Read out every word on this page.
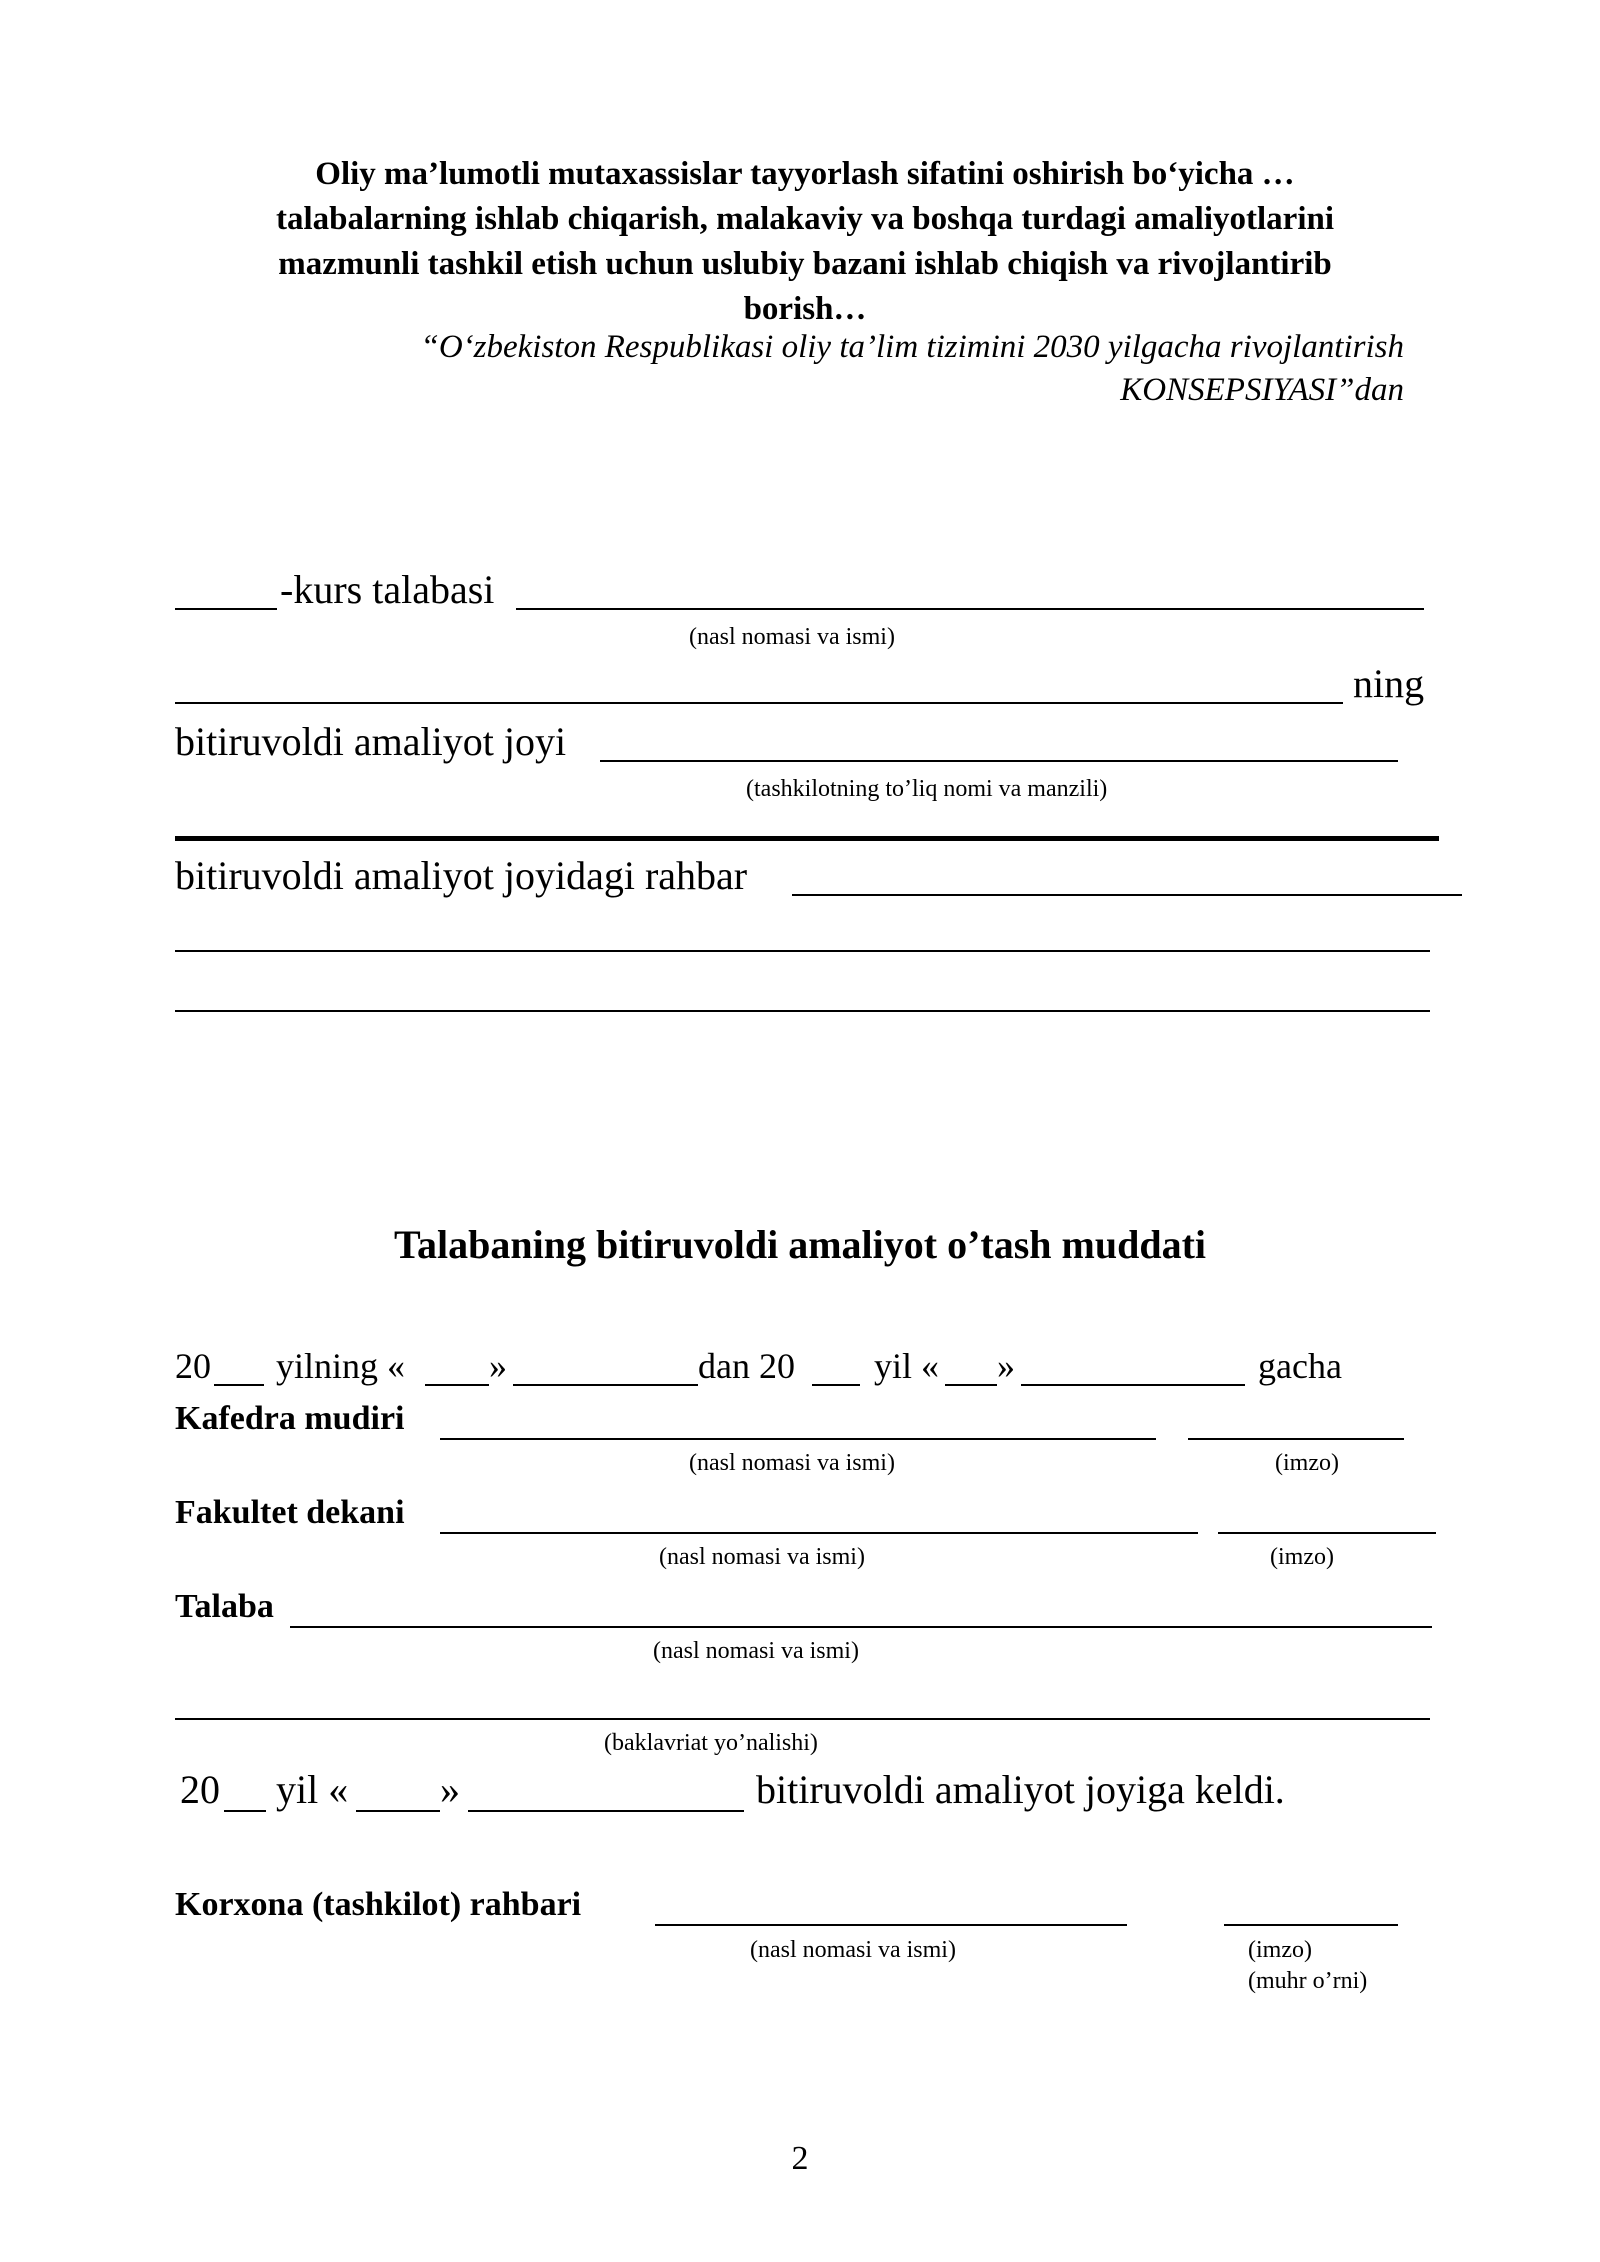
Oliy ma’lumotli mutaxassislar tayyorlash sifatini oshirish bo‘yicha …
talabalarning ishlab chiqarish, malakaviy va boshqa turdagi amaliyotlarini
mazmunli tashkil etish uchun uslubiy bazani ishlab chiqish va rivojlantirib
borish…
“O‘zbekiston Respublikasi oliy ta’lim tizimini 2030 yilgacha rivojlantirish
KONSEPSIYASI”dan
-kurs talabasi
(nasl nomasi va ismi)
ning
bitiruvoldi amaliyot joyi
(tashkilotning to’liq nomi va manzili)
bitiruvoldi amaliyot joyidagi rahbar
Talabaning bitiruvoldi amaliyot o’tash muddati
20 yilning « »	dan 20 yil « »	gacha
Kafedra mudiri
(nasl nomasi va ismi)	(imzo)
Fakultet dekani
(nasl nomasi va ismi)	(imzo)
Talaba
(nasl nomasi va ismi)
(baklavriat yo’nalishi)
20 yil « »	bitiruvoldi amaliyot joyiga keldi.
Korxona (tashkilot) rahbari
(nasl nomasi va ismi)	(imzo)
(muhr o’rni)
2
